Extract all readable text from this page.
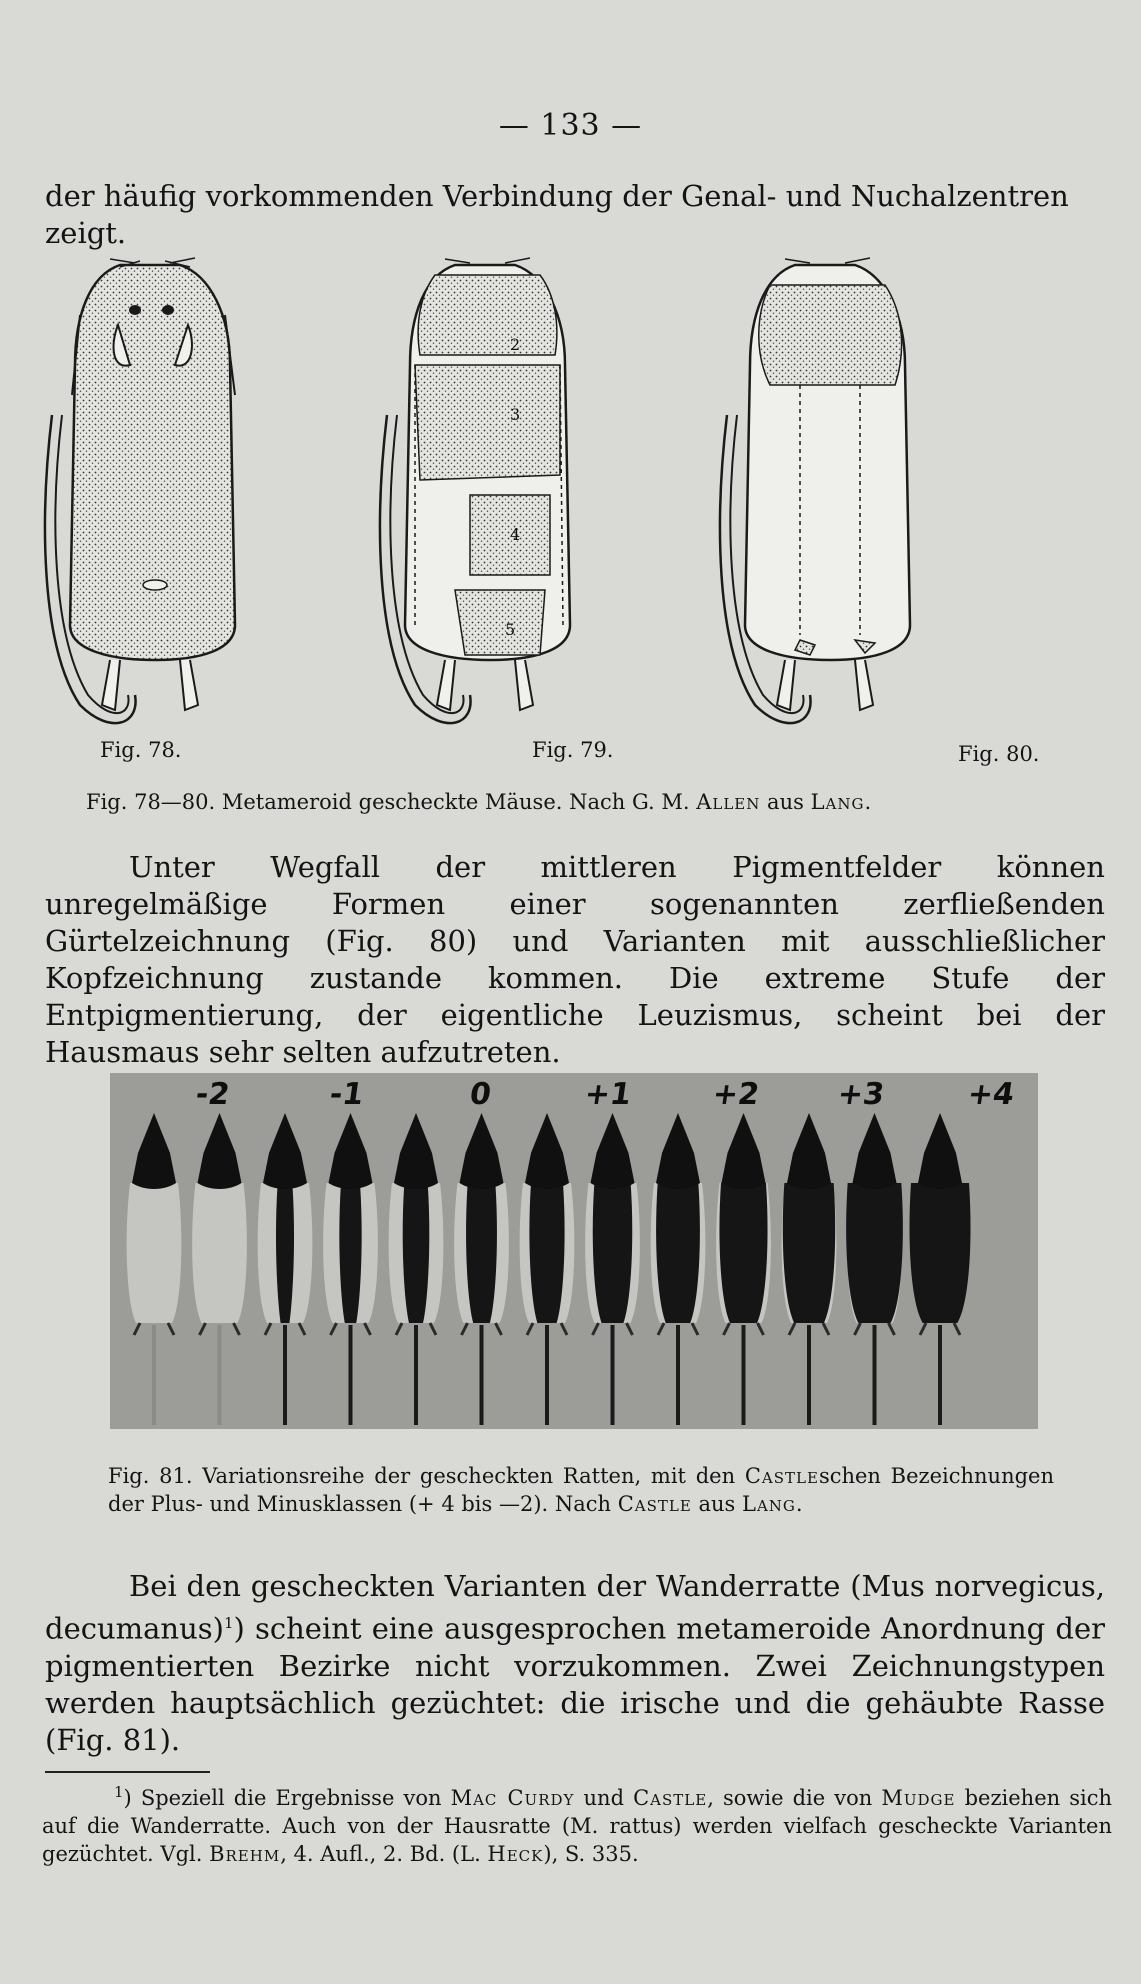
— 133 —
der häufig vorkommenden Verbindung der Genal- und Nuchalzentren zeigt.
2
3
4
5
Fig. 78.	Fig. 79.	Fig. 80.
Fig. 78—80. Metameroid gescheckte Mäuse. Nach G. M. Allen aus Lang.
Unter Wegfall der mittleren Pigmentfelder können unregelmäßige Formen einer sogenannten zerfließenden Gürtelzeichnung (Fig. 80) und Varianten mit ausschließlicher Kopfzeichnung zustande kommen. Die extreme Stufe der Entpigmentierung, der eigentliche Leuzismus, scheint bei der Hausmaus sehr selten aufzutreten.
-2	-1	0	+1	+2 +3	+4
Fig. 81. Variationsreihe der gescheckten Ratten, mit den Castleschen Bezeichnungen der Plus- und Minusklassen (+ 4 bis —2). Nach Castle aus Lang.
Bei den gescheckten Varianten der Wanderratte (Mus norvegicus, decumanus)$^1$) scheint eine ausgesprochen metameroide Anordnung der pigmentierten Bezirke nicht vorzukommen. Zwei Zeichnungstypen werden hauptsächlich gezüchtet: die irische und die gehäubte Rasse (Fig. 81).
$^1$) Speziell die Ergebnisse von Mac Curdy und Castle, sowie die von Mudge beziehen sich auf die Wanderratte. Auch von der Hausratte (M. rattus) werden vielfach gescheckte Varianten gezüchtet. Vgl. Brehm, 4. Aufl., 2. Bd. (L. Heck), S. 335.
